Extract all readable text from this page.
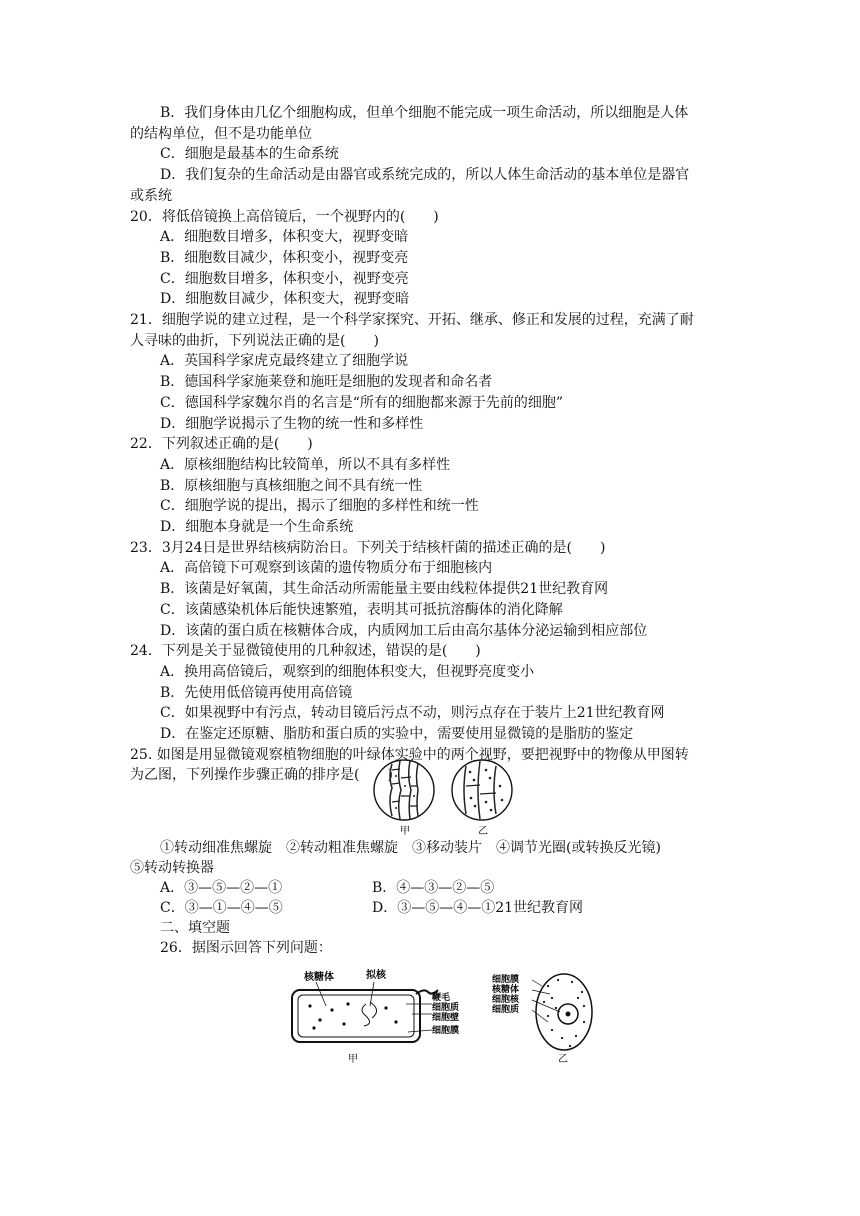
B．我们身体由几亿个细胞构成，但单个细胞不能完成一项生命活动，所以细胞是人体
的结构单位，但不是功能单位
C．细胞是最基本的生命系统
D．我们复杂的生命活动是由器官或系统完成的，所以人体生命活动的基本单位是器官
或系统
20．将低倍镜换上高倍镜后，一个视野内的(　　)
A．细胞数目增多，体积变大，视野变暗
B．细胞数目减少，体积变小，视野变亮
C．细胞数目增多，体积变小，视野变亮
D．细胞数目减少，体积变大，视野变暗
21．细胞学说的建立过程，是一个科学家探究、开拓、继承、修正和发展的过程，充满了耐
人寻味的曲折，下列说法正确的是(　　)
A．英国科学家虎克最终建立了细胞学说
B．德国科学家施莱登和施旺是细胞的发现者和命名者
C．德国科学家魏尔肖的名言是“所有的细胞都来源于先前的细胞”
D．细胞学说揭示了生物的统一性和多样性
22．下列叙述正确的是(　　)
A．原核细胞结构比较简单，所以不具有多样性
B．原核细胞与真核细胞之间不具有统一性
C．细胞学说的提出，揭示了细胞的多样性和统一性
D．细胞本身就是一个生命系统
23．3月24日是世界结核病防治日。下列关于结核杆菌的描述正确的是(　　)
A．高倍镜下可观察到该菌的遗传物质分布于细胞核内
B．该菌是好氧菌，其生命活动所需能量主要由线粒体提供21世纪教育网
C．该菌感染机体后能快速繁殖，表明其可抵抗溶酶体的消化降解
D．该菌的蛋白质在核糖体合成，内质网加工后由高尔基体分泌运输到相应部位
24．下列是关于显微镜使用的几种叙述，错误的是(　　)
A．换用高倍镜后，观察到的细胞体积变大，但视野亮度变小
B．先使用低倍镜再使用高倍镜
C．如果视野中有污点，转动目镜后污点不动，则污点存在于装片上21世纪教育网
D．在鉴定还原糖、脂肪和蛋白质的实验中，需要使用显微镜的是脂肪的鉴定
25. 如图是用显微镜观察植物细胞的叶绿体实验中的两个视野，要把视野中的物像从甲图转
为乙图，下列操作步骤正确的排序是(　　)
甲	乙
①转动细准焦螺旋　②转动粗准焦螺旋　③移动装片　④调节光圈(或转换反光镜)
⑤转动转换器
A．③—⑤—②—①	B．④—③—②—⑤
C．③—①—④—⑤	D．③—⑤—④—①21世纪教育网
二、填空题
26．据图示回答下列问题：
核糖体	拟核
鞭毛
细胞质
细胞壁
细胞膜
甲
细胞膜
核糖体
细胞核
细胞质
乙
